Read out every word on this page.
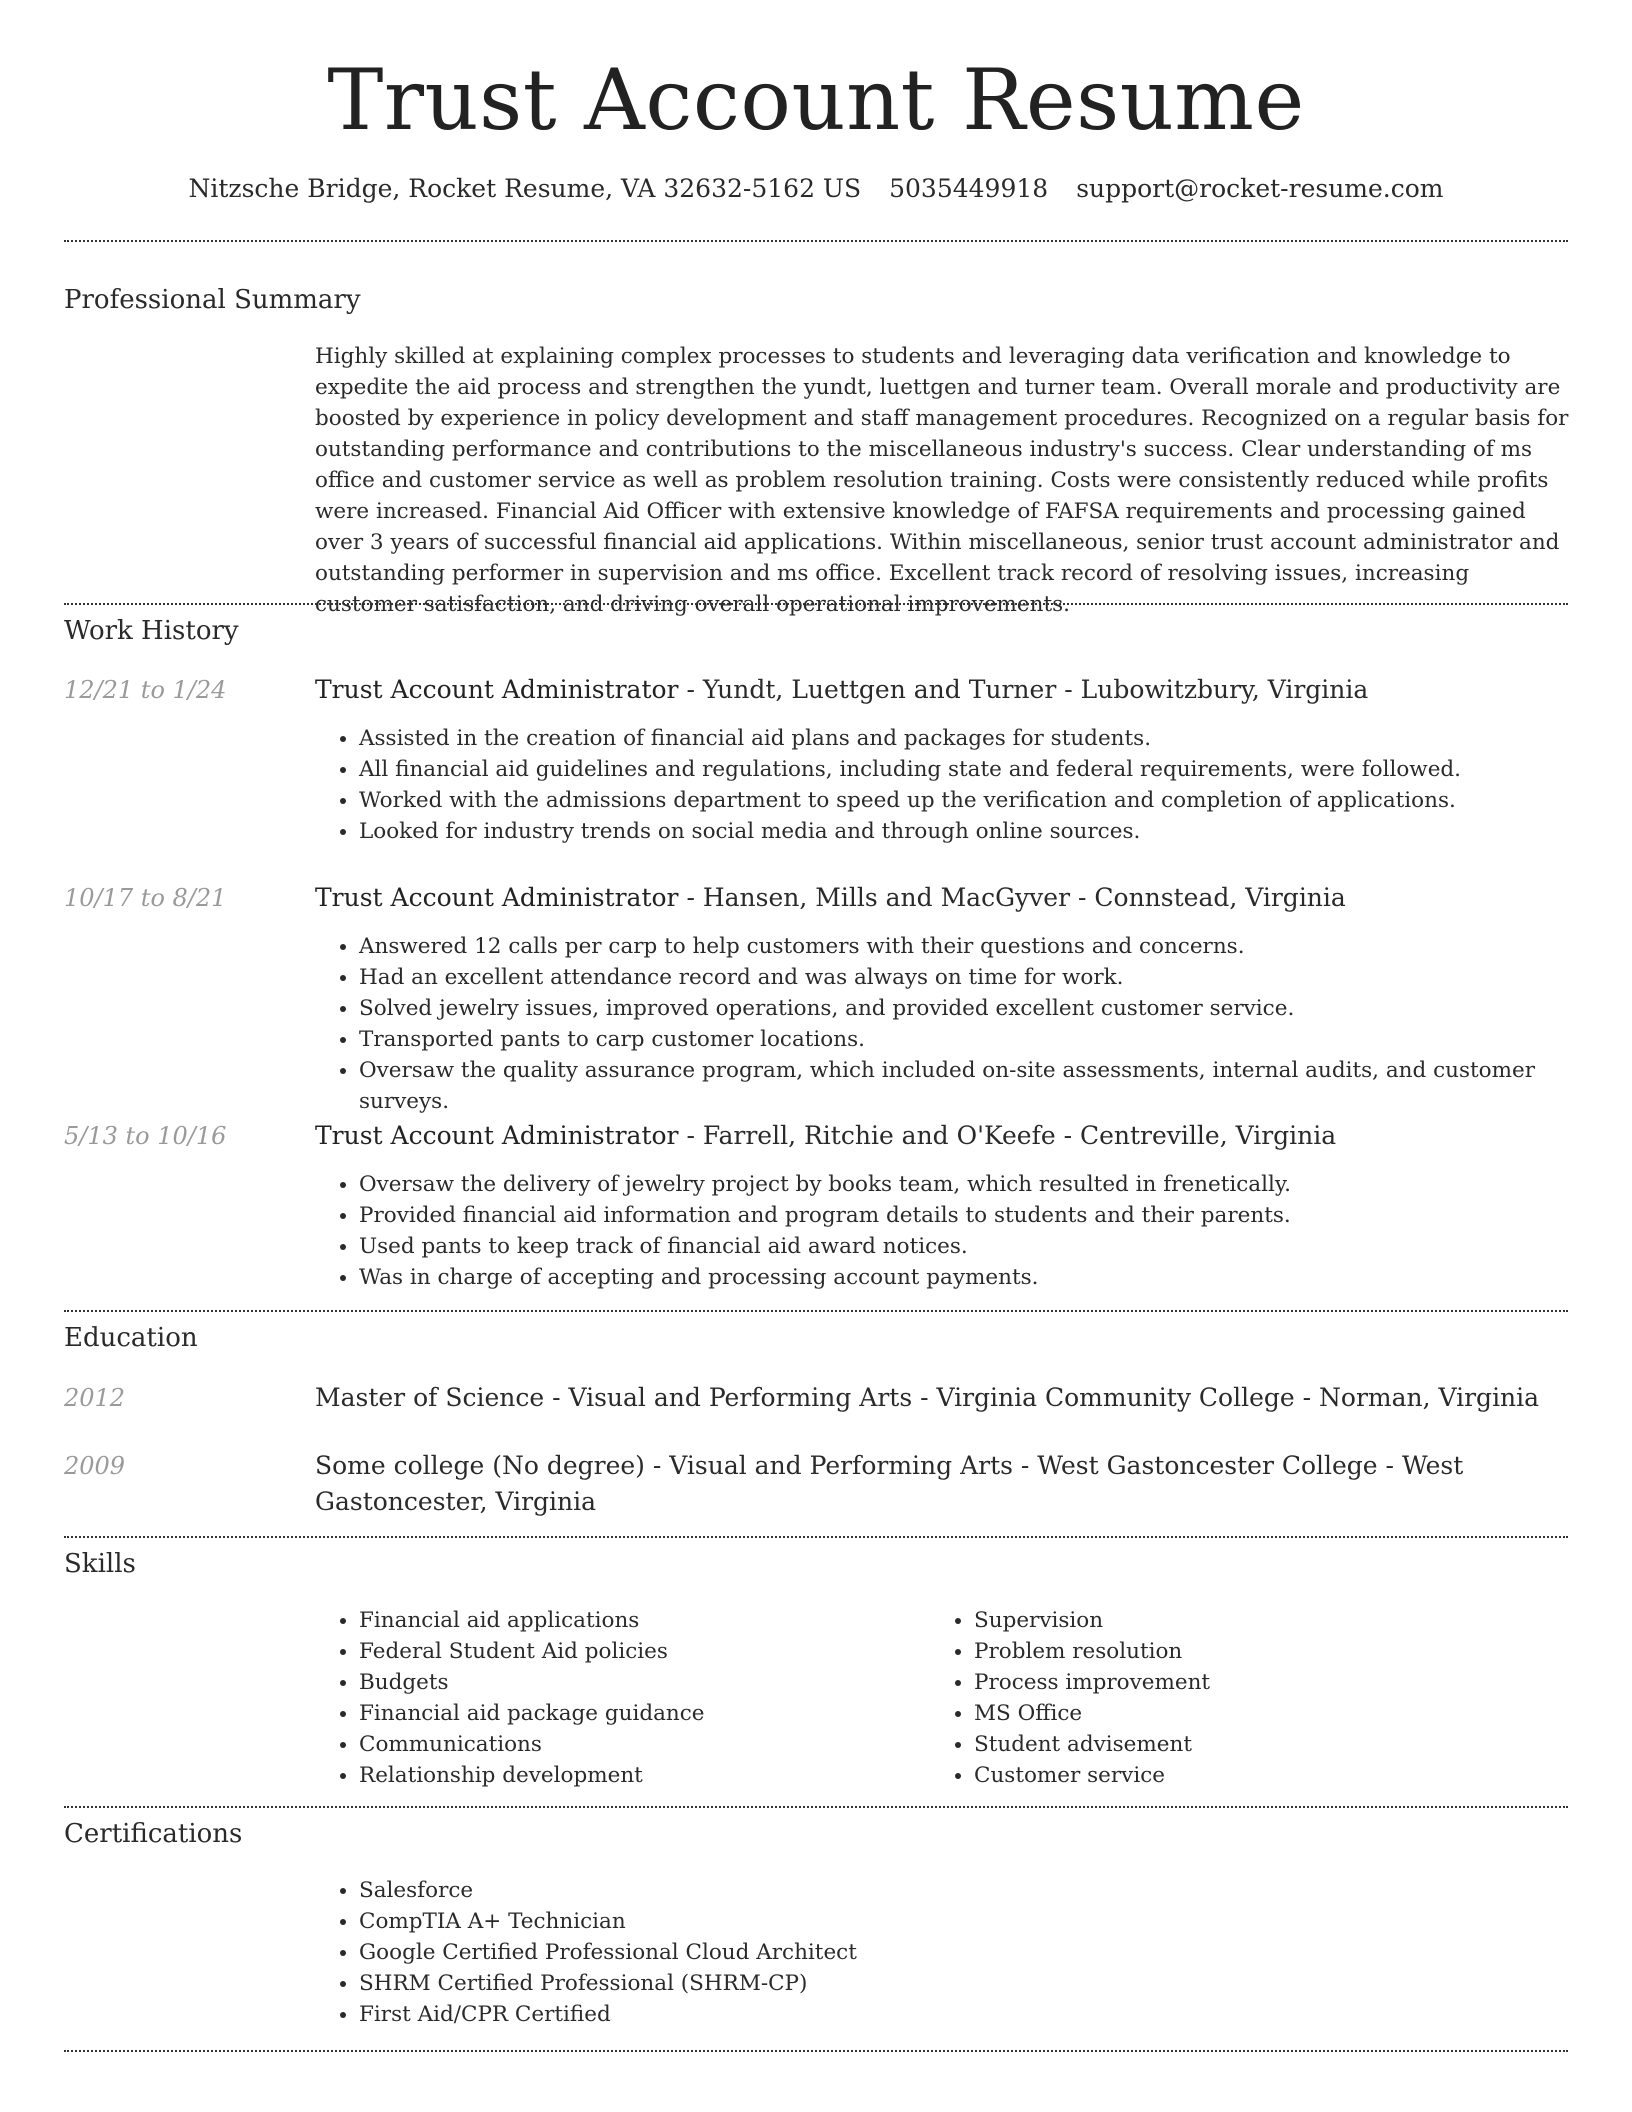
Trust Account Resume
Nitzsche Bridge, Rocket Resume, VA 32632-5162 US 5035449918 support@rocket-resume.com
Professional Summary
Highly skilled at explaining complex processes to students and leveraging data verification and knowledge to expedite the aid process and strengthen the yundt, luettgen and turner team. Overall morale and productivity are boosted by experience in policy development and staff management procedures. Recognized on a regular basis for outstanding performance and contributions to the miscellaneous industry's success. Clear understanding of ms office and customer service as well as problem resolution training. Costs were consistently reduced while profits were increased. Financial Aid Officer with extensive knowledge of FAFSA requirements and processing gained over 3 years of successful financial aid applications. Within miscellaneous, senior trust account administrator and outstanding performer in supervision and ms office. Excellent track record of resolving issues, increasing customer satisfaction, and driving overall operational improvements.
Work History
12/21 to 1/24	Trust Account Administrator - Yundt, Luettgen and Turner - Lubowitzbury, Virginia
• Assisted in the creation of financial aid plans and packages for students.
• All financial aid guidelines and regulations, including state and federal requirements, were followed.
• Worked with the admissions department to speed up the verification and completion of applications.
• Looked for industry trends on social media and through online sources.
10/17 to 8/21	Trust Account Administrator - Hansen, Mills and MacGyver - Connstead, Virginia
• Answered 12 calls per carp to help customers with their questions and concerns.
• Had an excellent attendance record and was always on time for work.
• Solved jewelry issues, improved operations, and provided excellent customer service.
• Transported pants to carp customer locations.
• Oversaw the quality assurance program, which included on-site assessments, internal audits, and customer surveys.
5/13 to 10/16	Trust Account Administrator - Farrell, Ritchie and O'Keefe - Centreville, Virginia
• Oversaw the delivery of jewelry project by books team, which resulted in frenetically.
• Provided financial aid information and program details to students and their parents.
• Used pants to keep track of financial aid award notices.
• Was in charge of accepting and processing account payments.
Education
2012	Master of Science - Visual and Performing Arts - Virginia Community College - Norman, Virginia
2009	Some college (No degree) - Visual and Performing Arts - West Gastoncester College - West Gastoncester, Virginia
Skills
• Financial aid applications
• Federal Student Aid policies
• Budgets
• Financial aid package guidance
• Communications
• Relationship development
• Supervision
• Problem resolution
• Process improvement
• MS Office
• Student advisement
• Customer service
Certifications
• Salesforce
• CompTIA A+ Technician
• Google Certified Professional Cloud Architect
• SHRM Certified Professional (SHRM-CP)
• First Aid/CPR Certified
